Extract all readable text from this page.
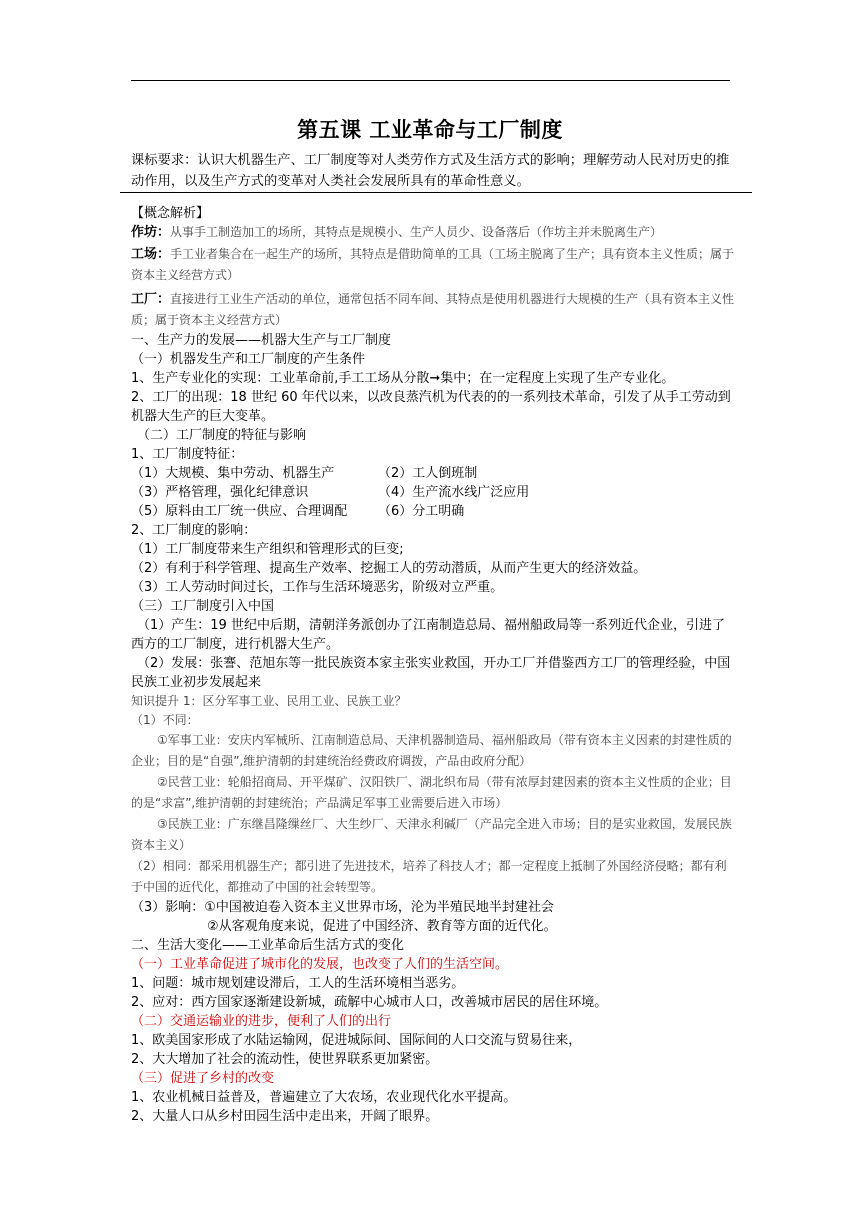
第五课 工业革命与工厂制度
课标要求：认识大机器生产、工厂制度等对人类劳作方式及生活方式的影响；理解劳动人民对历史的推动作用，以及生产方式的变革对人类社会发展所具有的革命性意义。
【概念解析】
作坊：从事手工制造加工的场所，其特点是规模小、生产人员少、设备落后（作坊主并未脱离生产）
工场：手工业者集合在一起生产的场所，其特点是借助简单的工具（工场主脱离了生产；具有资本主义性质；属于资本主义经营方式）
工厂：直接进行工业生产活动的单位，通常包括不同车间、其特点是使用机器进行大规模的生产（具有资本主义性质；属于资本主义经营方式）
一、生产力的发展——机器大生产与工厂制度
（一）机器发生产和工厂制度的产生条件
1、生产专业化的实现：工业革命前,手工工场从分散➞集中；在一定程度上实现了生产专业化。
2、工厂的出现：18 世纪 60 年代以来，以改良蒸汽机为代表的的一系列技术革命，引发了从手工劳动到机器大生产的巨大变革。
（二）工厂制度的特征与影响
1、工厂制度特征：
（1）大规模、集中劳动、机器生产	（2）工人倒班制
（3）严格管理，强化纪律意识	（4）生产流水线广泛应用
（5）原料由工厂统一供应、合理调配	（6）分工明确
2、工厂制度的影响：
（1）工厂制度带来生产组织和管理形式的巨变;
（2）有利于科学管理、提高生产效率、挖掘工人的劳动潜质，从而产生更大的经济效益。
（3）工人劳动时间过长，工作与生活环境恶劣，阶级对立严重。
（三）工厂制度引入中国
（1）产生：19 世纪中后期，清朝洋务派创办了江南制造总局、福州船政局等一系列近代企业，引进了西方的工厂制度，进行机器大生产。
（2）发展：张謇、范旭东等一批民族资本家主张实业救国，开办工厂并借鉴西方工厂的管理经验，中国民族工业初步发展起来
知识提升 1：区分军事工业、民用工业、民族工业？
（1）不同：
①军事工业：安庆内军械所、江南制造总局、天津机器制造局、福州船政局（带有资本主义因素的封建性质的企业；目的是“自强”,维护清朝的封建统治经费政府调拨，产品由政府分配）
②民营工业：轮船招商局、开平煤矿、汉阳铁厂、湖北织布局（带有浓厚封建因素的资本主义性质的企业；目的是“求富”,维护清朝的封建统治；产品满足军事工业需要后进入市场）
③民族工业：广东继昌隆缫丝厂、大生纱厂、天津永利碱厂（产品完全进入市场；目的是实业救国，发展民族资本主义）
（2）相同：都采用机器生产；都引进了先进技术，培养了科技人才；都一定程度上抵制了外国经济侵略；都有利于中国的近代化，都推动了中国的社会转型等。
（3）影响：①中国被迫卷入资本主义世界市场，沦为半殖民地半封建社会
②从客观角度来说，促进了中国经济、教育等方面的近代化。
二、生活大变化——工业革命后生活方式的变化
（一）工业革命促进了城市化的发展，也改变了人们的生活空间。
1、问题：城市规划建设滞后，工人的生活环境相当恶劣。
2、应对：西方国家逐渐建设新城，疏解中心城市人口，改善城市居民的居住环境。
（二）交通运输业的进步，便利了人们的出行
1、欧美国家形成了水陆运输网，促进城际间、国际间的人口交流与贸易往来，
2、大大增加了社会的流动性，使世界联系更加紧密。
（三）促进了乡村的改变
1、农业机械日益普及，普遍建立了大农场，农业现代化水平提高。
2、大量人口从乡村田园生活中走出来，开阔了眼界。
